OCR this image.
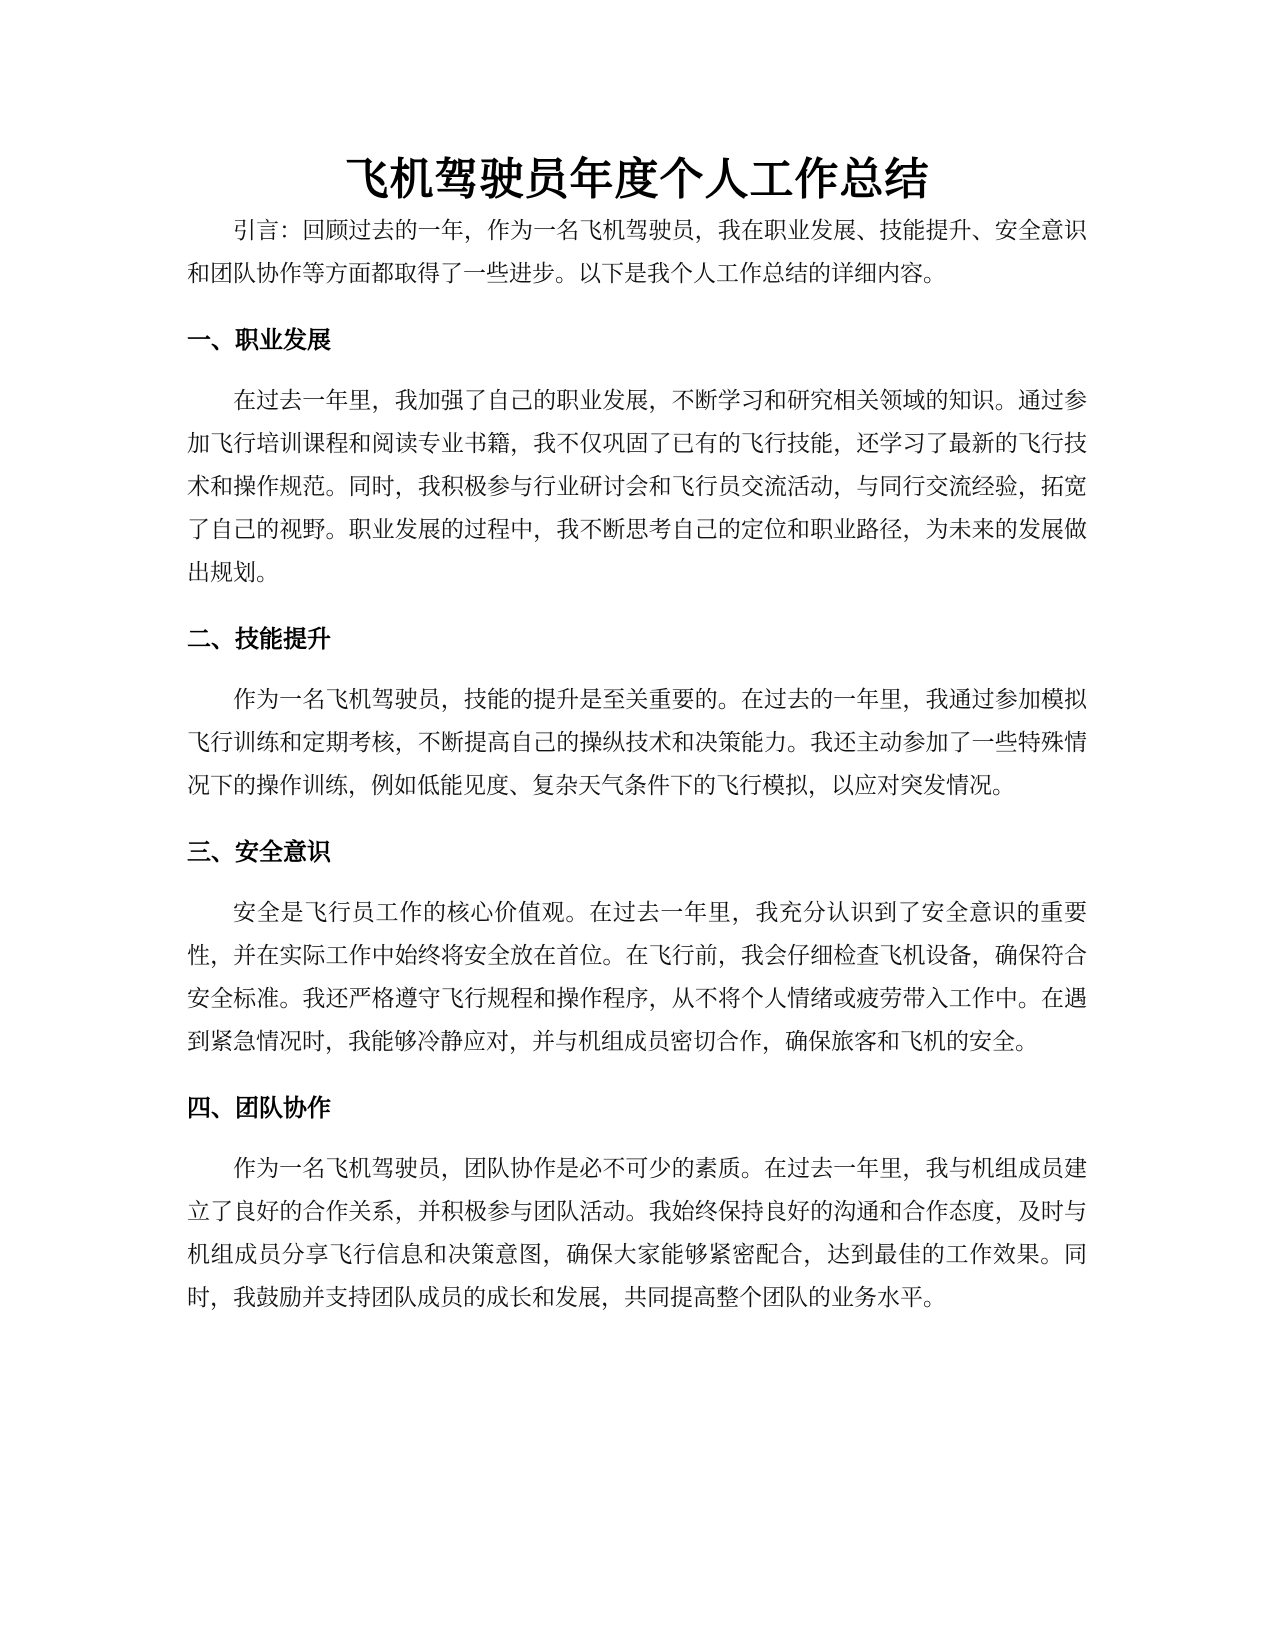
飞机驾驶员年度个人工作总结

引言：回顾过去的一年，作为一名飞机驾驶员，我在职业发展、技能提升、安全意识和团队协作等方面都取得了一些进步。以下是我个人工作总结的详细内容。

一、职业发展

在过去一年里，我加强了自己的职业发展，不断学习和研究相关领域的知识。通过参加飞行培训课程和阅读专业书籍，我不仅巩固了已有的飞行技能，还学习了最新的飞行技术和操作规范。同时，我积极参与行业研讨会和飞行员交流活动，与同行交流经验，拓宽了自己的视野。职业发展的过程中，我不断思考自己的定位和职业路径，为未来的发展做出规划。

二、技能提升

作为一名飞机驾驶员，技能的提升是至关重要的。在过去的一年里，我通过参加模拟飞行训练和定期考核，不断提高自己的操纵技术和决策能力。我还主动参加了一些特殊情况下的操作训练，例如低能见度、复杂天气条件下的飞行模拟，以应对突发情况。

三、安全意识

安全是飞行员工作的核心价值观。在过去一年里，我充分认识到了安全意识的重要性，并在实际工作中始终将安全放在首位。在飞行前，我会仔细检查飞机设备，确保符合安全标准。我还严格遵守飞行规程和操作程序，从不将个人情绪或疲劳带入工作中。在遇到紧急情况时，我能够冷静应对，并与机组成员密切合作，确保旅客和飞机的安全。

四、团队协作

作为一名飞机驾驶员，团队协作是必不可少的素质。在过去一年里，我与机组成员建立了良好的合作关系，并积极参与团队活动。我始终保持良好的沟通和合作态度，及时与机组成员分享飞行信息和决策意图，确保大家能够紧密配合，达到最佳的工作效果。同时，我鼓励并支持团队成员的成长和发展，共同提高整个团队的业务水平。
